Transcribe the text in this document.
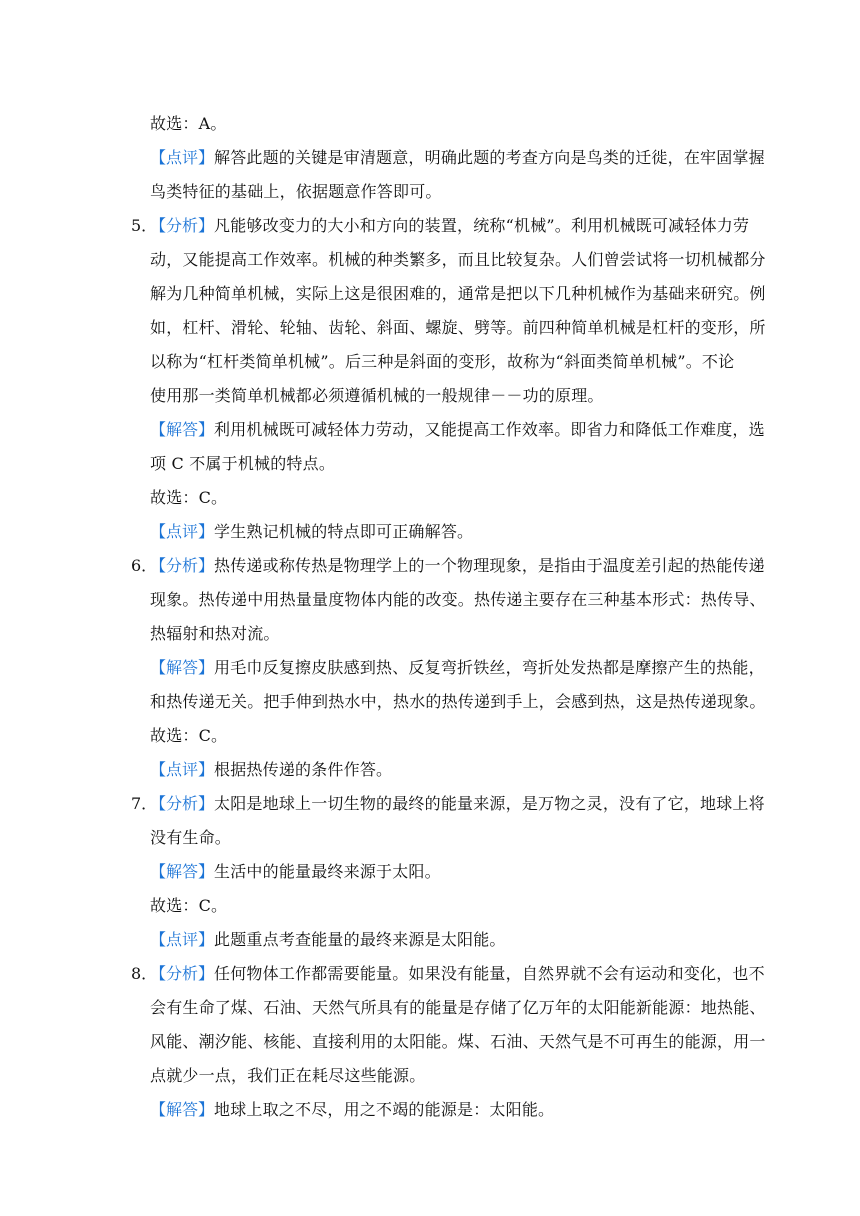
故选：A。
【点评】解答此题的关键是审清题意，明确此题的考查方向是鸟类的迁徙，在牢固掌握
鸟类特征的基础上，依据题意作答即可。
5．【分析】凡能够改变力的大小和方向的装置，统称“机械”。利用机械既可减轻体力劳
动，又能提高工作效率。机械的种类繁多，而且比较复杂。人们曾尝试将一切机械都分
解为几种简单机械，实际上这是很困难的，通常是把以下几种机械作为基础来研究。例
如，杠杆、滑轮、轮轴、齿轮、斜面、螺旋、劈等。前四种简单机械是杠杆的变形，所
以称为“杠杆类简单机械”。后三种是斜面的变形，故称为“斜面类简单机械”。不论
使用那一类简单机械都必须遵循机械的一般规律－－功的原理。
【解答】利用机械既可减轻体力劳动，又能提高工作效率。即省力和降低工作难度，选
项 C 不属于机械的特点。
故选：C。
【点评】学生熟记机械的特点即可正确解答。
6．【分析】热传递或称传热是物理学上的一个物理现象，是指由于温度差引起的热能传递
现象。热传递中用热量量度物体内能的改变。热传递主要存在三种基本形式：热传导、
热辐射和热对流。
【解答】用毛巾反复擦皮肤感到热、反复弯折铁丝，弯折处发热都是摩擦产生的热能，
和热传递无关。把手伸到热水中，热水的热传递到手上，会感到热，这是热传递现象。
故选：C。
【点评】根据热传递的条件作答。
7．【分析】太阳是地球上一切生物的最终的能量来源，是万物之灵，没有了它，地球上将
没有生命。
【解答】生活中的能量最终来源于太阳。
故选：C。
【点评】此题重点考查能量的最终来源是太阳能。
8．【分析】任何物体工作都需要能量。如果没有能量，自然界就不会有运动和变化，也不
会有生命了煤、石油、天然气所具有的能量是存储了亿万年的太阳能新能源：地热能、
风能、潮汐能、核能、直接利用的太阳能。煤、石油、天然气是不可再生的能源，用一
点就少一点，我们正在耗尽这些能源。
【解答】地球上取之不尽，用之不竭的能源是：太阳能。
